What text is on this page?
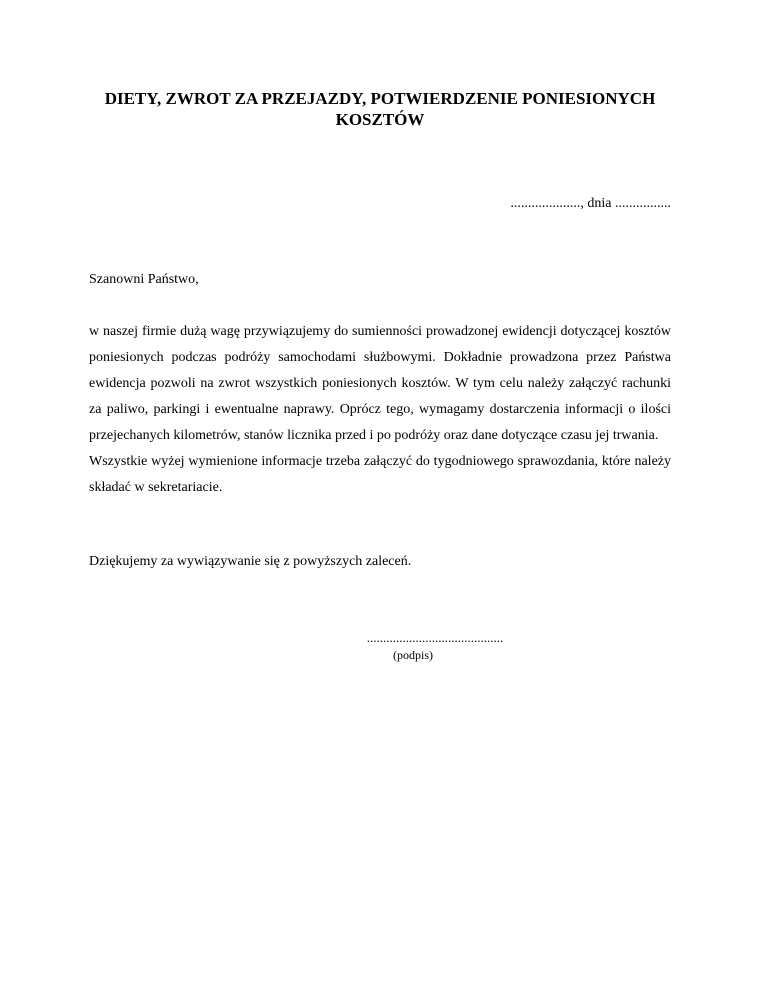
DIETY, ZWROT ZA PRZEJAZDY, POTWIERDZENIE PONIESIONYCH KOSZTÓW
...................., dnia ................
Szanowni Państwo,

w naszej firmie dużą wagę przywiązujemy do sumienności prowadzonej ewidencji dotyczącej kosztów poniesionych podczas podróży samochodami służbowymi. Dokładnie prowadzona przez Państwa ewidencja pozwoli na zwrot wszystkich poniesionych kosztów. W tym celu należy załączyć rachunki za paliwo, parkingi i ewentualne naprawy. Oprócz tego, wymagamy dostarczenia informacji o ilości przejechanych kilometrów, stanów licznika przed i po podróży oraz dane dotyczące czasu jej trwania.

Wszystkie wyżej wymienione informacje trzeba załączyć do tygodniowego sprawozdania, które należy składać w sekretariacie.

Dziękujemy za wywiązywanie się z powyższych zaleceń.
..........................................
(podpis)
